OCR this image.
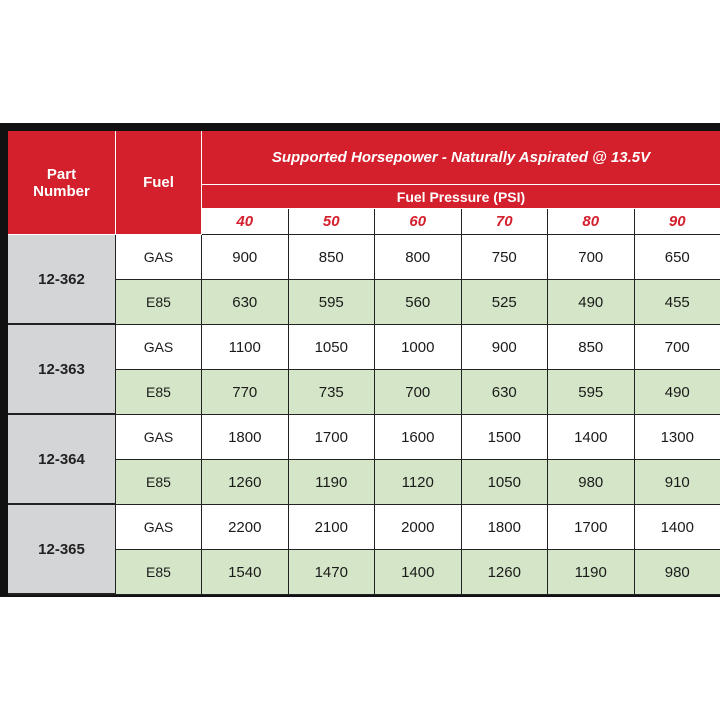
Part Number	Fuel
Supported Horsepower - Naturally Aspirated @ 13.5V
Fuel Pressure (PSI)
40	50	60	70	80	90
12-362
GAS	900	850	800	750	700	650
E85	630	595	560	525	490	455
12-363
GAS	1100	1050	1000	900	850	700
E85	770	735	700	630	595	490
12-364
GAS	1800	1700	1600	1500	1400	1300
E85	1260	1190	1120	1050	980	910
12-365
GAS	2200	2100	2000	1800	1700	1400
E85	1540	1470	1400	1260	1190	980
